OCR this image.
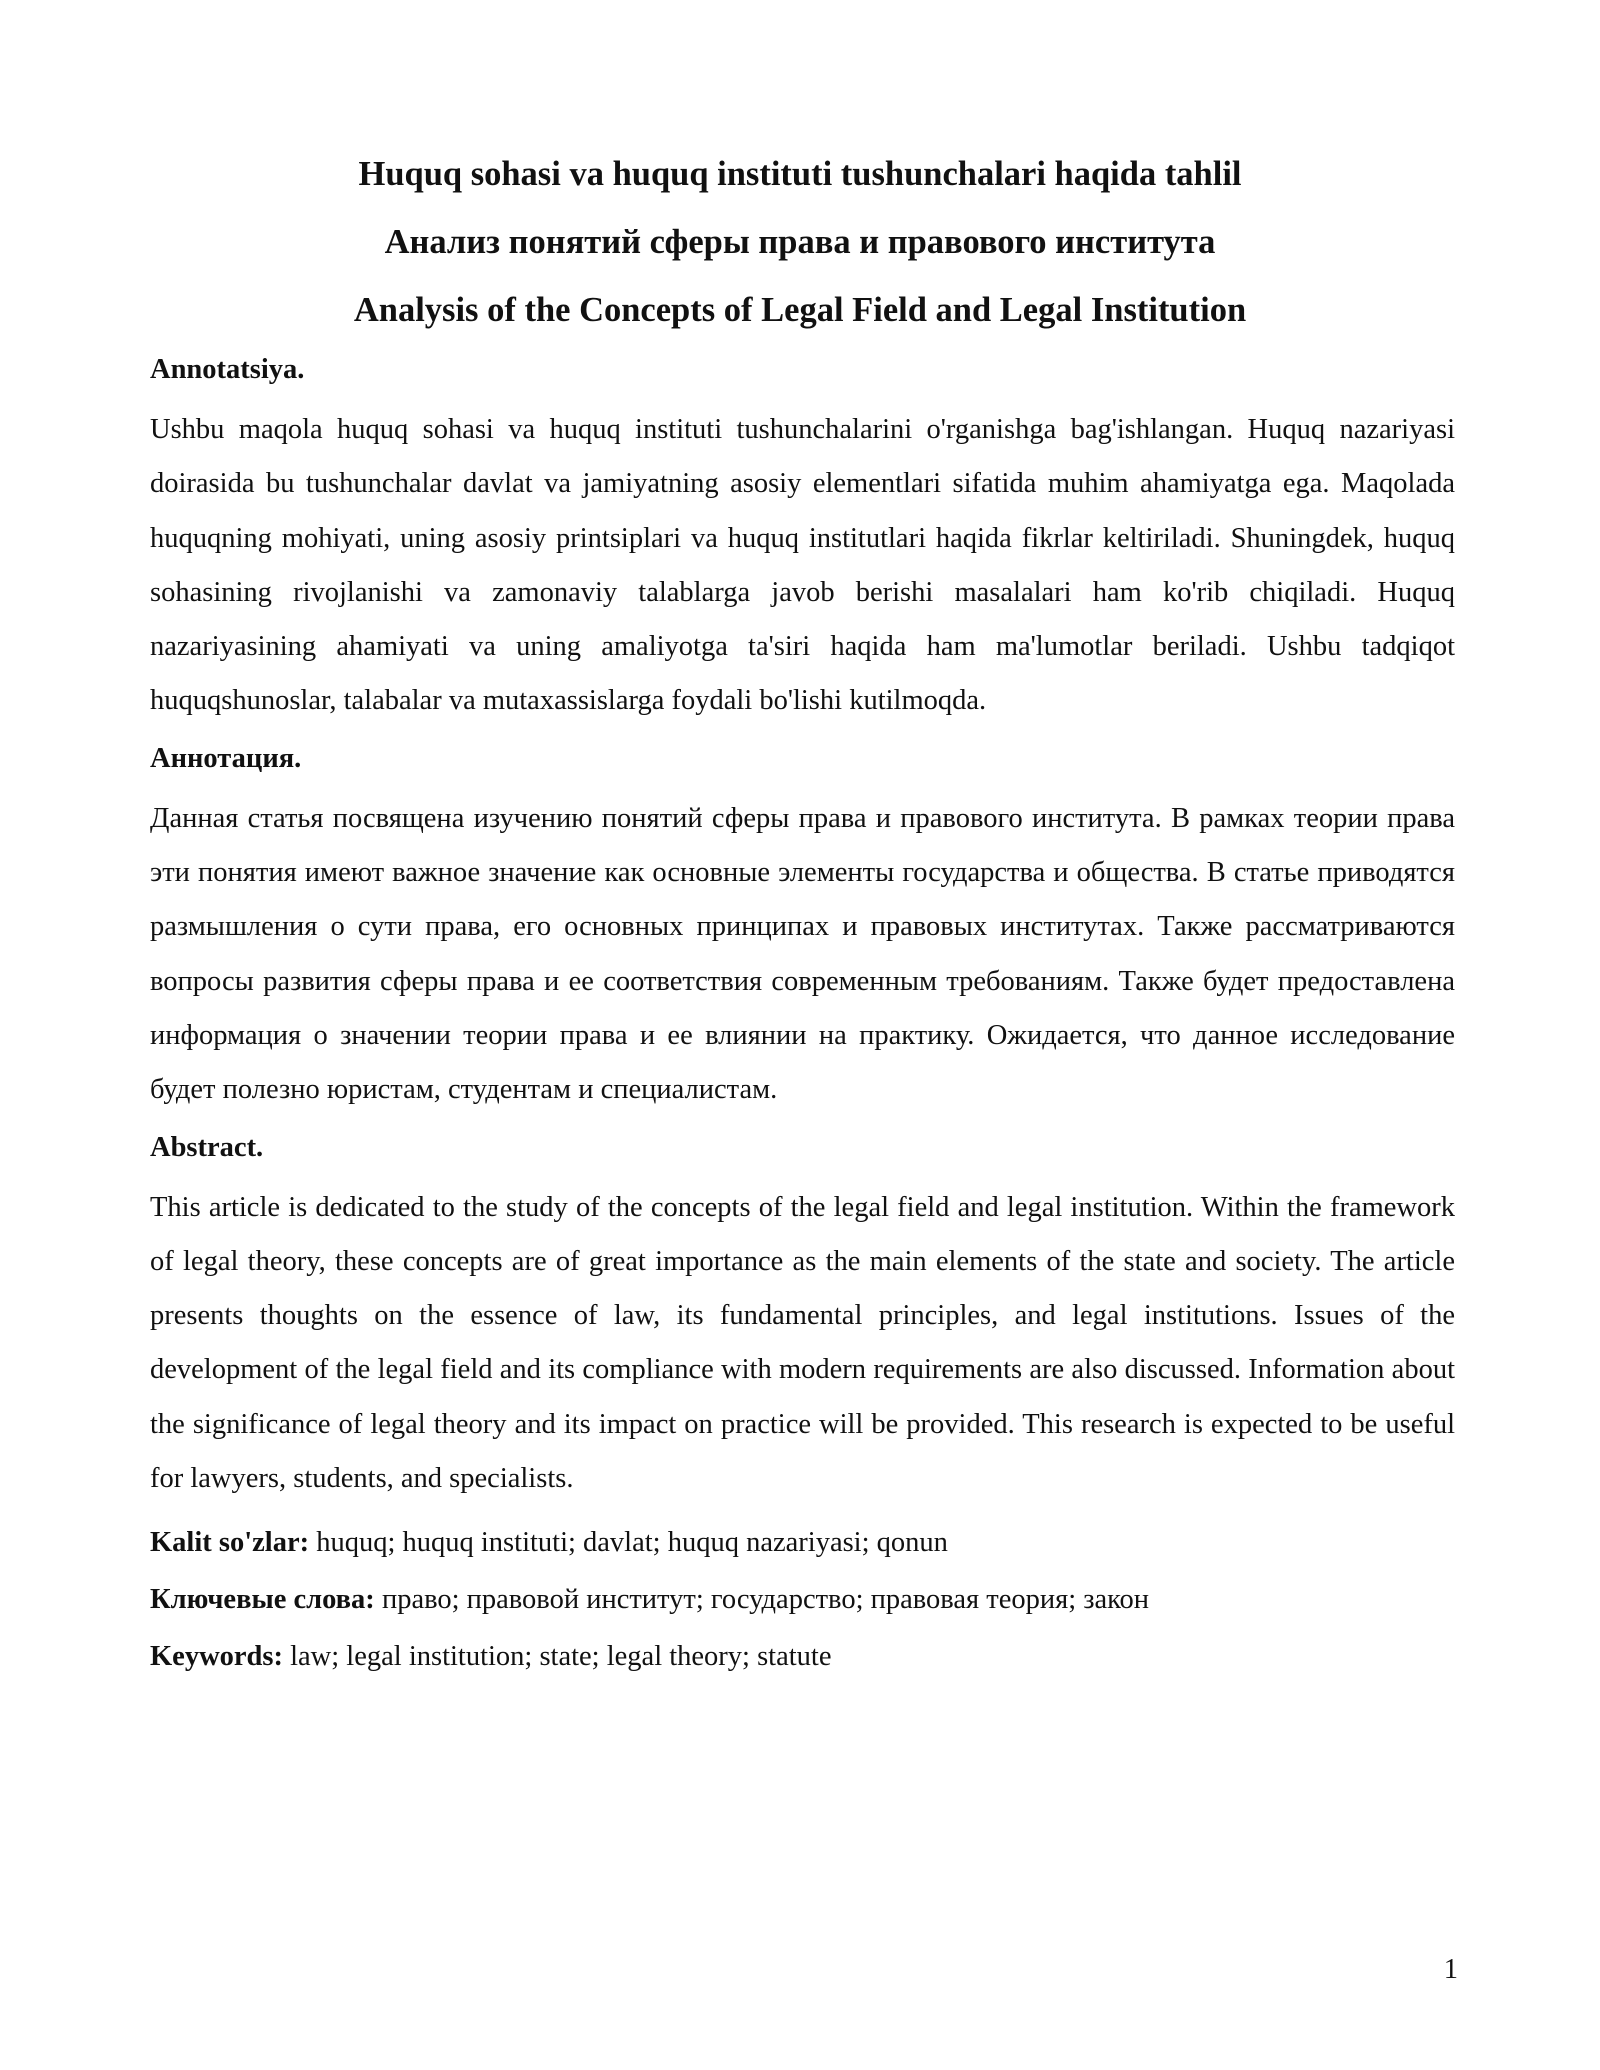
Huquq sohasi va huquq instituti tushunchalari haqida tahlil
Анализ понятий сферы права и правового института
Analysis of the Concepts of Legal Field and Legal Institution

Annotatsiya.

Ushbu maqola huquq sohasi va huquq instituti tushunchalarini o'rganishga bag'ishlangan. Huquq nazariyasi doirasida bu tushunchalar davlat va jamiyatning asosiy elementlari sifatida muhim ahamiyatga ega. Maqolada huquqning mohiyati, uning asosiy printsiplari va huquq institutlari haqida fikrlar keltiriladi. Shuningdek, huquq sohasining rivojlanishi va zamonaviy talablarga javob berishi masalalari ham ko'rib chiqiladi. Huquq nazariyasining ahamiyati va uning amaliyotga ta'siri haqida ham ma'lumotlar beriladi. Ushbu tadqiqot huquqshunoslar, talabalar va mutaxassislarga foydali bo'lishi kutilmoqda.

Аннотация.

Данная статья посвящена изучению понятий сферы права и правового института. В рамках теории права эти понятия имеют важное значение как основные элементы государства и общества. В статье приводятся размышления о сути права, его основных принципах и правовых институтах. Также рассматриваются вопросы развития сферы права и ее соответствия современным требованиям. Также будет предоставлена информация о значении теории права и ее влиянии на практику. Ожидается, что данное исследование будет полезно юристам, студентам и специалистам.

Abstract.

This article is dedicated to the study of the concepts of the legal field and legal institution. Within the framework of legal theory, these concepts are of great importance as the main elements of the state and society. The article presents thoughts on the essence of law, its fundamental principles, and legal institutions. Issues of the development of the legal field and its compliance with modern requirements are also discussed. Information about the significance of legal theory and its impact on practice will be provided. This research is expected to be useful for lawyers, students, and specialists.

Kalit so'zlar: huquq; huquq instituti; davlat; huquq nazariyasi; qonun

Ключевые слова: право; правовой институт; государство; правовая теория; закон

Keywords: law; legal institution; state; legal theory; statute

1
